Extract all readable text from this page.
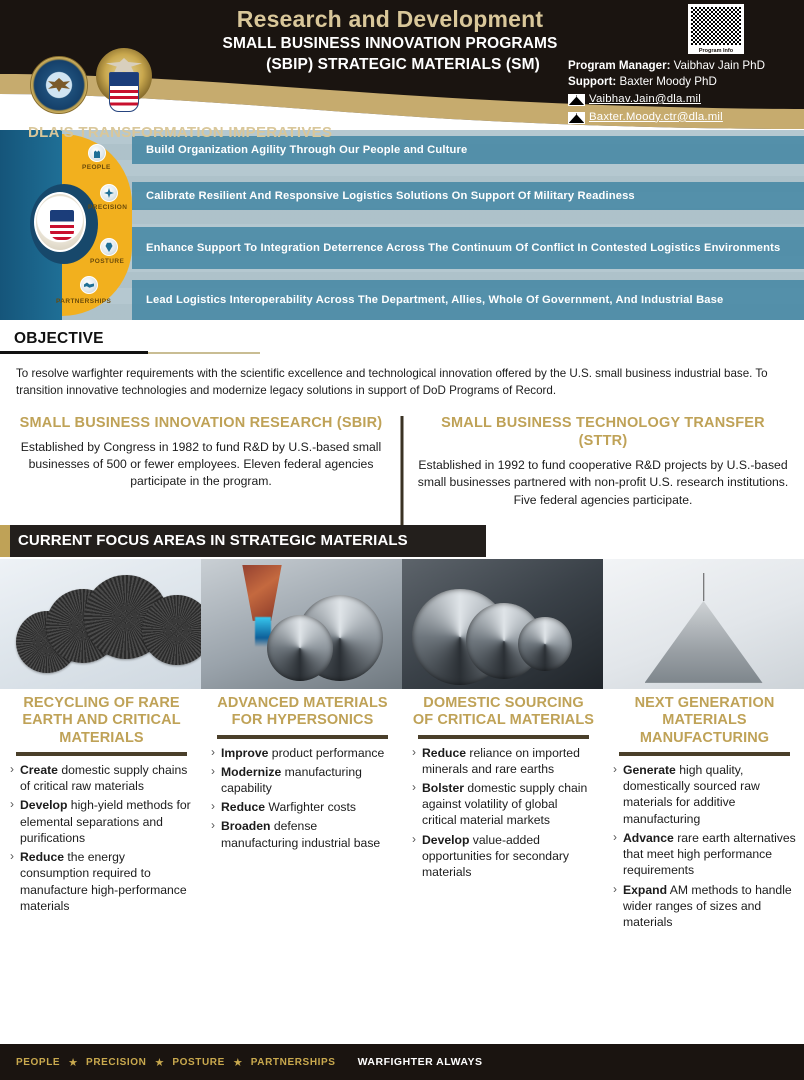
Research and Development
SMALL BUSINESS INNOVATION PROGRAMS
(SBIP) STRATEGIC MATERIALS (SM)
Program Info
Program Manager: Vaibhav Jain PhD
Support: Baxter Moody PhD
Vaibhav.Jain@dla.mil
Baxter.Moody.ctr@dla.mil
DLA'S TRANSFORMATION IMPERATIVES
PEOPLE
PRECISION
POSTURE
PARTNERSHIPS
Build Organization Agility Through Our People and Culture
Calibrate Resilient And Responsive Logistics Solutions On Support Of Military Readiness
Enhance Support To Integration Deterrence Across The Continuum Of Conflict In Contested Logistics Environments
Lead Logistics Interoperability Across The Department, Allies, Whole Of Government, And Industrial Base
OBJECTIVE
To resolve warfighter requirements with the scientific excellence and technological innovation offered by the U.S. small business industrial base. To transition innovative technologies and modernize legacy solutions in support of DoD Programs of Record.
SMALL BUSINESS INNOVATION RESEARCH (SBIR)
Established by Congress in 1982 to fund R&D by U.S.-based small businesses of 500 or fewer employees. Eleven federal agencies participate in the program.
SMALL BUSINESS TECHNOLOGY TRANSFER (STTR)
Established in 1992 to fund cooperative R&D projects by U.S.-based small businesses partnered with non-profit U.S. research institutions. Five federal agencies participate.
CURRENT FOCUS AREAS IN STRATEGIC MATERIALS
RECYCLING OF RARE EARTH AND CRITICAL MATERIALS
› Create domestic supply chains of critical raw materials
› Develop high-yield methods for elemental separations and purifications
› Reduce the energy consumption required to manufacture high-performance materials
ADVANCED MATERIALS FOR HYPERSONICS
› Improve product performance
› Modernize manufacturing capability
› Reduce Warfighter costs
› Broaden defense manufacturing industrial base
DOMESTIC SOURCING OF CRITICAL MATERIALS
› Reduce reliance on imported minerals and rare earths
› Bolster domestic supply chain against volatility of global critical material markets
› Develop value-added opportunities for secondary materials
NEXT GENERATION MATERIALS MANUFACTURING
› Generate high quality, domestically sourced raw materials for additive manufacturing
› Advance rare earth alternatives that meet high performance requirements
› Expand AM methods to handle wider ranges of sizes and materials
PEOPLE ★ PRECISION ★ POSTURE ★ PARTNERSHIPS WARFIGHTER ALWAYS
